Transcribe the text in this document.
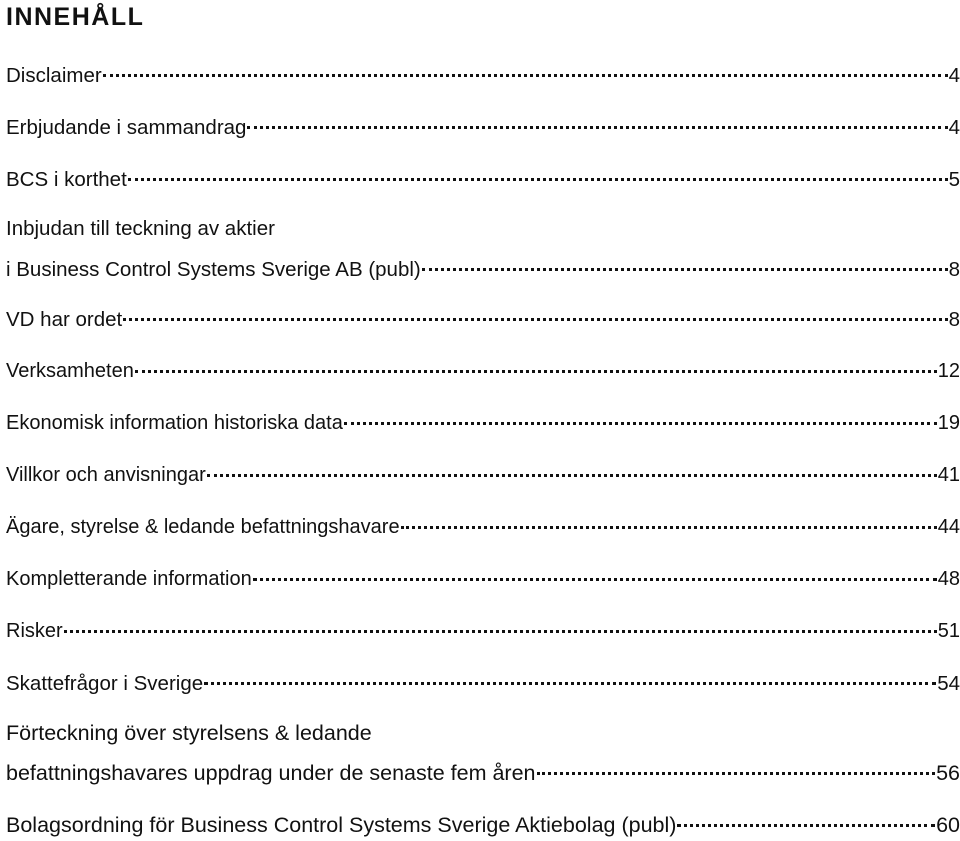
INNEHÅLL
Disclaimer	4
Erbjudande i sammandrag	4
BCS i korthet	5
Inbjudan till teckning av aktier
i Business Control Systems Sverige AB (publ)	8
VD har ordet	8
Verksamheten	12
Ekonomisk information historiska data	19
Villkor och anvisningar	41
Ägare, styrelse & ledande befattningshavare	44
Kompletterande information	48
Risker	51
Skattefrågor i Sverige	54
Förteckning över styrelsens & ledande
befattningshavares uppdrag under de senaste fem åren	56
Bolagsordning för Business Control Systems Sverige Aktiebolag (publ)	60
